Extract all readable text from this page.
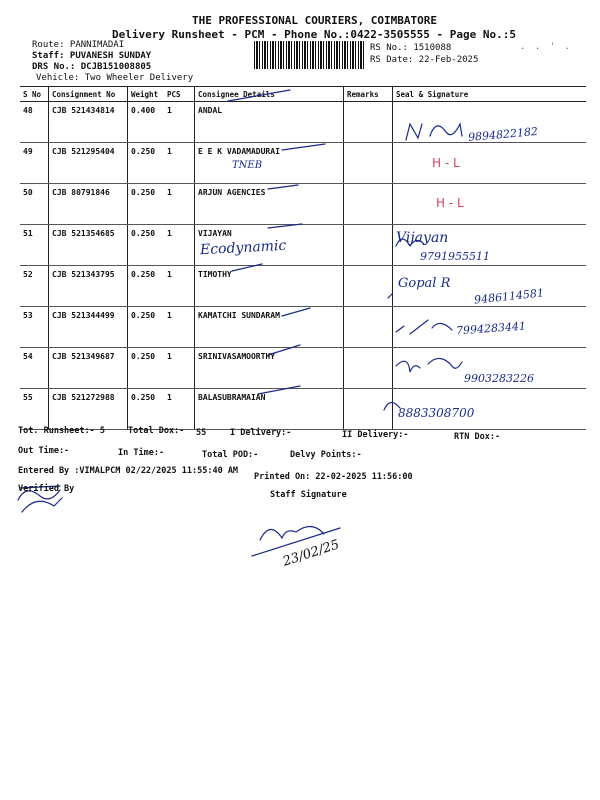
THE PROFESSIONAL COURIERS, COIMBATORE
Delivery Runsheet - PCM - Phone No.:0422-3505555 - Page No.:5
Route: PANNIMADAI
Staff: PUVANESH SUNDAY
DRS No.: DCJB151008805
Vehicle: Two Wheeler Delivery
RS No.: 1510088
RS Date: 22-Feb-2025
. . ' .
S No	Consignment No	Weight	PCS	Consignee Details	Remarks	Seal & Signature
48	CJB 521434814	0.400	1	ANDAL		
49	CJB 521295404	0.250	1	E E K VADAMADURAI		
50	CJB 80791846	0.250	1	ARJUN AGENCIES		
51	CJB 521354685	0.250	1	VIJAYAN		
52	CJB 521343795	0.250	1	TIMOTHY		
53	CJB 521344499	0.250	1	KAMATCHI SUNDARAM		
54	CJB 521349687	0.250	1	SRINIVASAMOORTHY		
55	CJB 521272988	0.250	1	BALASUBRAMAIAN		
9894822182
TNEB	H - L
H - L
Ecodynamic	Vijayan
9791955511
Gopal R
9486114581
7994283441
9903283226
8883308700
23/02/25
Tot. Runsheet:- 5	Total Dox:- 55	I Delivery:-	II Delivery:-	RTN Dox:-
Out Time:-	In Time:-	Total POD:-	Delvy Points:-
Entered By :VIMALPCM 02/22/2025 11:55:40 AM
Printed On: 22-02-2025 11:56:00
Verified By
Staff Signature
